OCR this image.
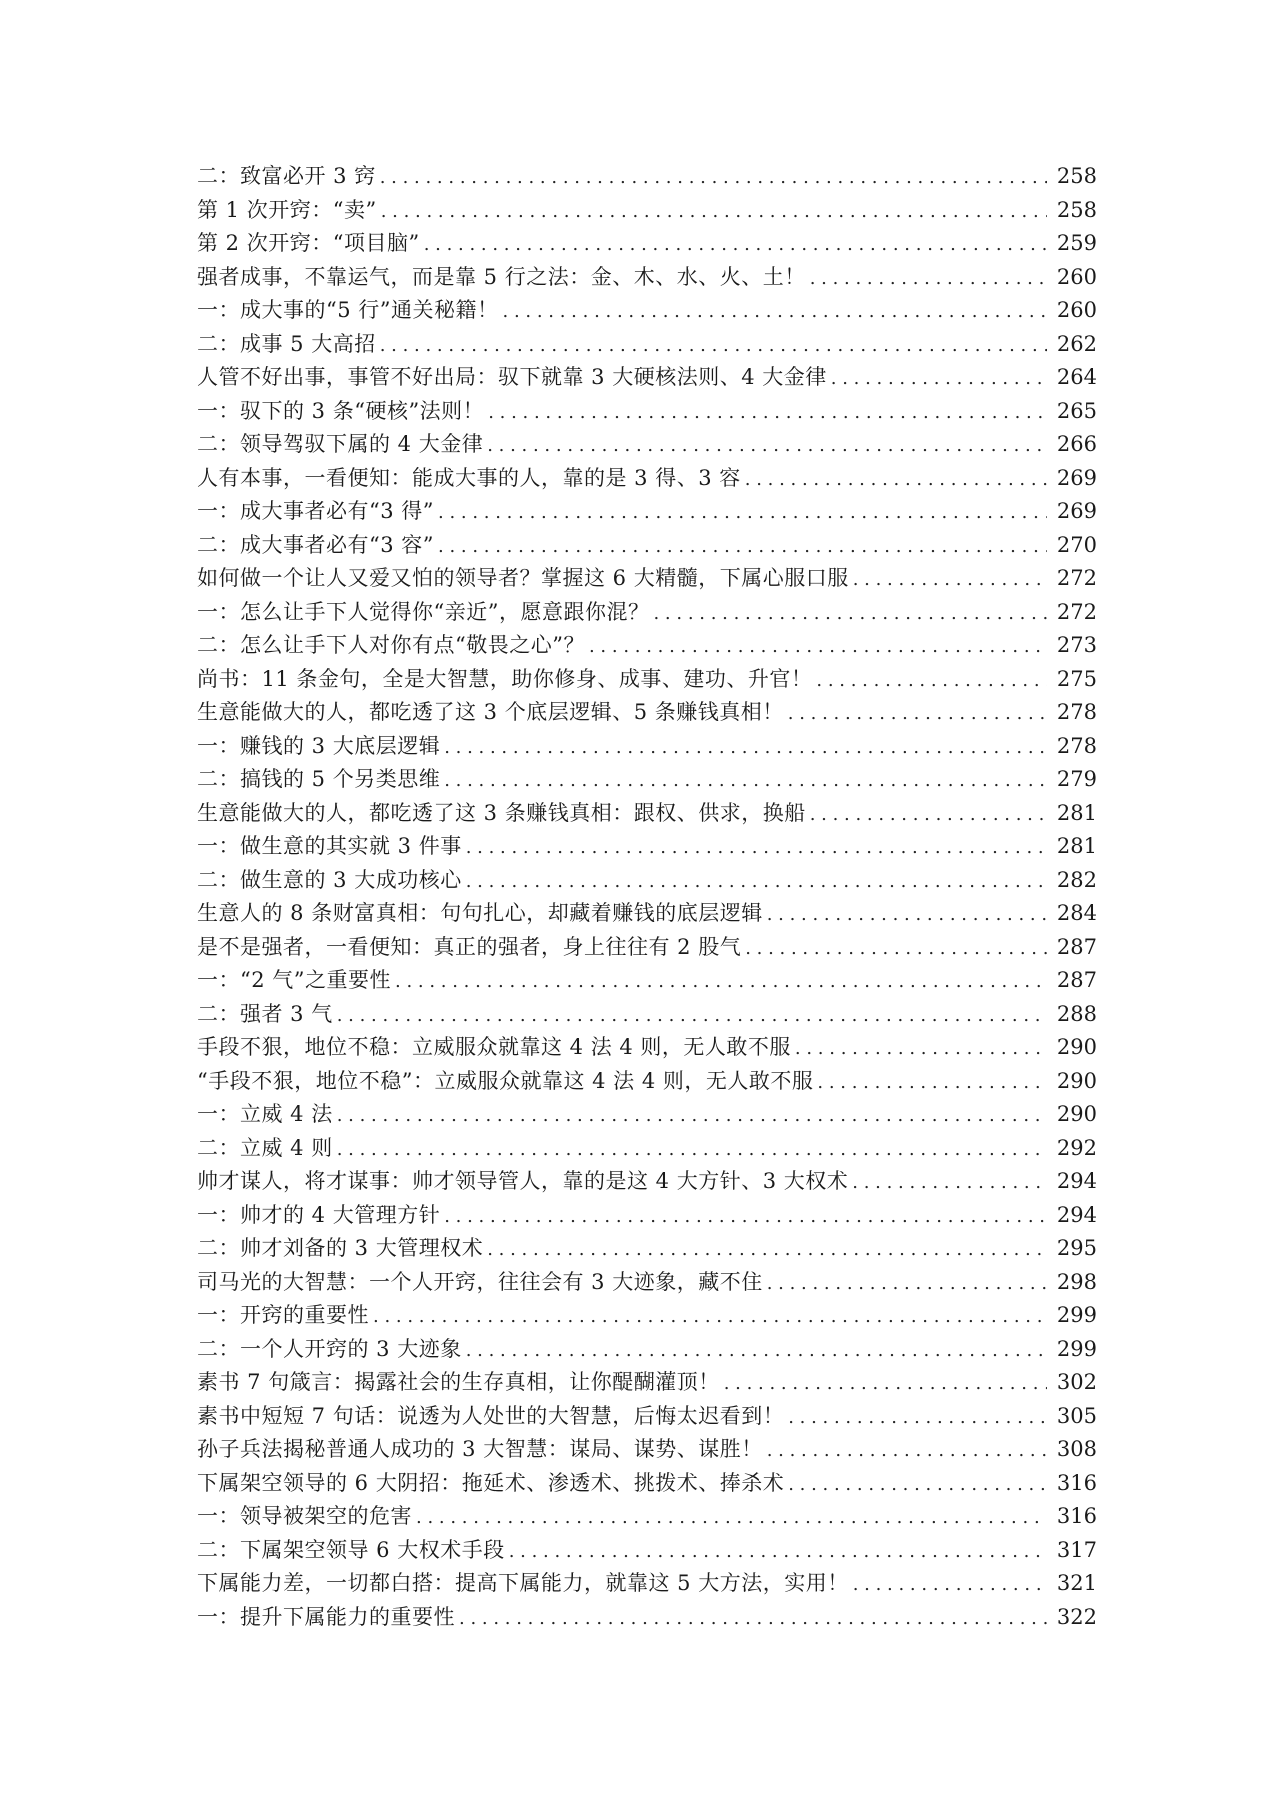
二：致富必开 3 窍 . . .	258
第 1 次开窍：“卖” . . .	258
第 2 次开窍：“项目脑” . . .	259
强者成事，不靠运气，而是靠 5 行之法：金、木、水、火、土！ . . .	260
一：成大事的“5 行”通关秘籍！ . . .	260
二：成事 5 大高招 . . .	262
人管不好出事，事管不好出局：驭下就靠 3 大硬核法则、4 大金律 . . .	264
一：驭下的 3 条“硬核”法则！ . . .	265
二：领导驾驭下属的 4 大金律 . . .	266
人有本事，一看便知：能成大事的人，靠的是 3 得、3 容 . . .	269
一：成大事者必有“3 得” . . .	269
二：成大事者必有“3 容” . . .	270
如何做一个让人又爱又怕的领导者？掌握这 6 大精髓，下属心服口服 . . .	272
一：怎么让手下人觉得你“亲近”，愿意跟你混？ . . .	272
二：怎么让手下人对你有点“敬畏之心”？ . . .	273
尚书：11 条金句，全是大智慧，助你修身、成事、建功、升官！ . . .	275
生意能做大的人，都吃透了这 3 个底层逻辑、5 条赚钱真相！ . . .	278
一：赚钱的 3 大底层逻辑 . . .	278
二：搞钱的 5 个另类思维 . . .	279
生意能做大的人，都吃透了这 3 条赚钱真相：跟权、供求，换船 . . .	281
一：做生意的其实就 3 件事 . . .	281
二：做生意的 3 大成功核心 . . .	282
生意人的 8 条财富真相：句句扎心，却藏着赚钱的底层逻辑 . . .	284
是不是强者，一看便知：真正的强者，身上往往有 2 股气 . . .	287
一：“2 气”之重要性 . . .	287
二：强者 3 气 . . .	288
手段不狠，地位不稳：立威服众就靠这 4 法 4 则，无人敢不服 . . .	290
“手段不狠，地位不稳”：立威服众就靠这 4 法 4 则，无人敢不服 . . .	290
一：立威 4 法 . . .	290
二：立威 4 则 . . .	292
帅才谋人，将才谋事：帅才领导管人，靠的是这 4 大方针、3 大权术 . . .	294
一：帅才的 4 大管理方针 . . .	294
二：帅才刘备的 3 大管理权术 . . .	295
司马光的大智慧：一个人开窍，往往会有 3 大迹象，藏不住 . . .	298
一：开窍的重要性 . . .	299
二：一个人开窍的 3 大迹象 . . .	299
素书 7 句箴言：揭露社会的生存真相，让你醍醐灌顶！ . . .	302
素书中短短 7 句话：说透为人处世的大智慧，后悔太迟看到！ . . .	305
孙子兵法揭秘普通人成功的 3 大智慧：谋局、谋势、谋胜！ . . .	308
下属架空领导的 6 大阴招：拖延术、渗透术、挑拨术、捧杀术 . . .	316
一：领导被架空的危害 . . .	316
二：下属架空领导 6 大权术手段 . . .	317
下属能力差，一切都白搭：提高下属能力，就靠这 5 大方法，实用！ . . .	321
一：提升下属能力的重要性 . . .	322
